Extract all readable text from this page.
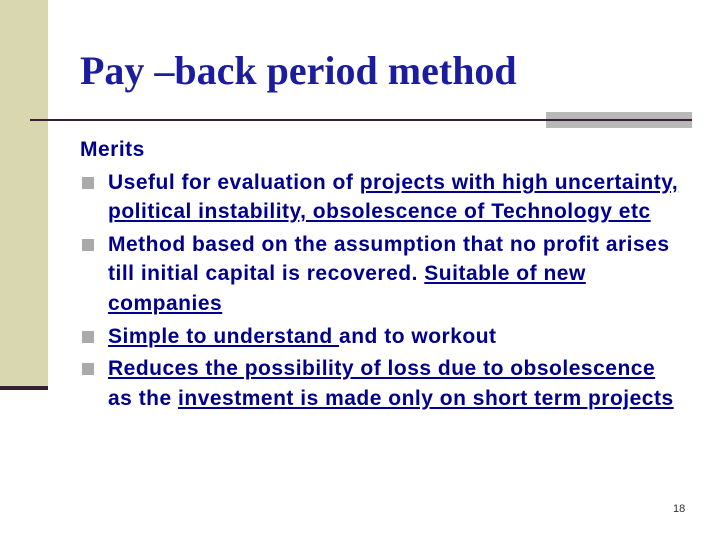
Pay –back period method
Merits
Useful for evaluation of projects with high uncertainty, political instability, obsolescence of Technology etc
Method based on the assumption that no profit arises till initial capital is recovered. Suitable of new companies
Simple to understand and to workout
Reduces the possibility of loss due to obsolescence as the investment is made only on short term projects
18
